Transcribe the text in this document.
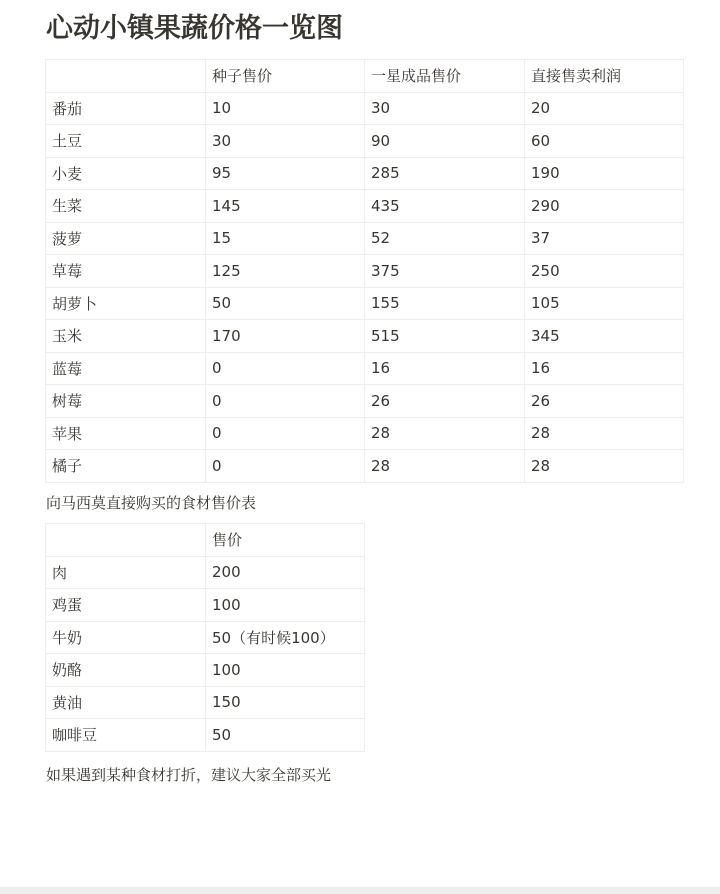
心动小镇果蔬价格一览图
	种子售价	一星成品售价	直接售卖利润
番茄	10	30	20
土豆	30	90	60
小麦	95	285	190
生菜	145	435	290
菠萝	15	52	37
草莓	125	375	250
胡萝卜	50	155	105
玉米	170	515	345
蓝莓	0	16	16
树莓	0	26	26
苹果	0	28	28
橘子	0	28	28
向马西莫直接购买的食材售价表
	售价
肉	200
鸡蛋	100
牛奶	50（有时候100）
奶酪	100
黄油	150
咖啡豆	50
如果遇到某种食材打折，建议大家全部买光
